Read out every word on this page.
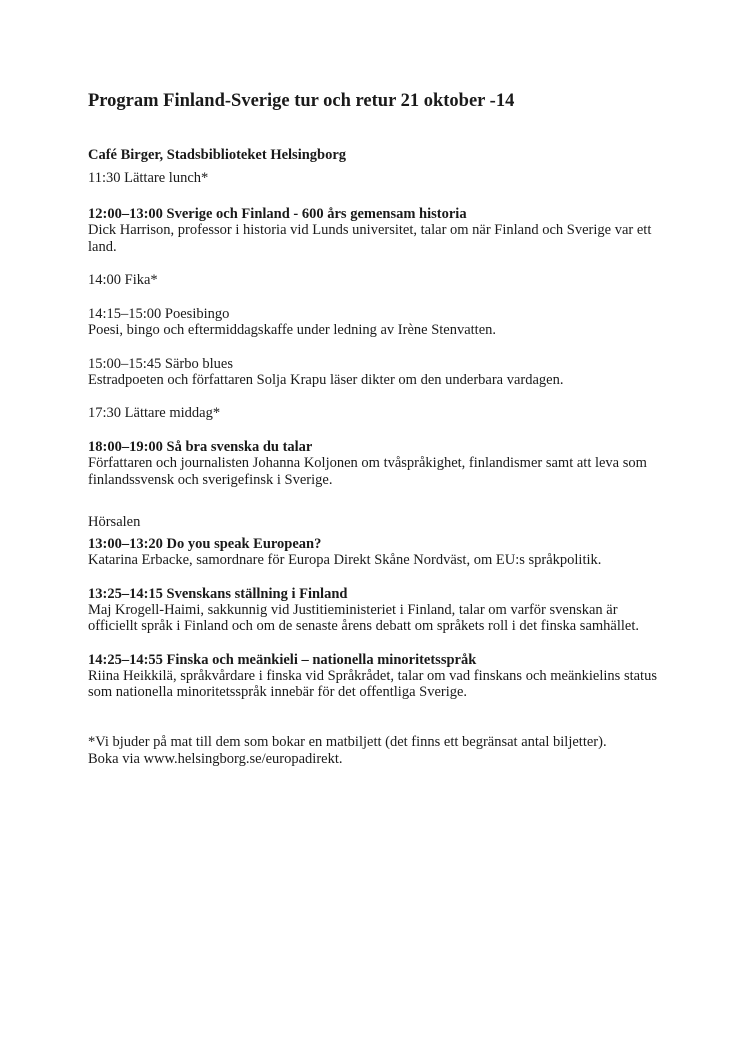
Program Finland-Sverige tur och retur 21 oktober -14
Café Birger, Stadsbiblioteket Helsingborg
11:30 Lättare lunch*
12:00–13:00 Sverige och Finland - 600 års gemensam historia
Dick Harrison, professor i historia vid Lunds universitet, talar om när Finland och Sverige var ett land.
14:00 Fika*
14:15–15:00 Poesibingo
Poesi, bingo och eftermiddagskaffe under ledning av Irène Stenvatten.
15:00–15:45 Särbo blues
Estradpoeten och författaren Solja Krapu läser dikter om den underbara vardagen.
17:30 Lättare middag*
18:00–19:00 Så bra svenska du talar
Författaren och journalisten Johanna Koljonen om tvåspråkighet, finlandismer samt att leva som finlandssvensk och sverigefinsk i Sverige.
Hörsalen
13:00–13:20 Do you speak European?
Katarina Erbacke, samordnare för Europa Direkt Skåne Nordväst, om EU:s språkpolitik.
13:25–14:15 Svenskans ställning i Finland
Maj Krogell-Haimi, sakkunnig vid Justitieministeriet i Finland, talar om varför svenskan är officiellt språk i Finland och om de senaste årens debatt om språkets roll i det finska samhället.
14:25–14:55 Finska och meänkieli – nationella minoritetsspråk
Riina Heikkilä, språkvårdare i finska vid Språkrådet, talar om vad finskans och meänkielins status som nationella minoritetsspråk innebär för det offentliga Sverige.
*Vi bjuder på mat till dem som bokar en matbiljett (det finns ett begränsat antal biljetter).
Boka via www.helsingborg.se/europadirekt.
